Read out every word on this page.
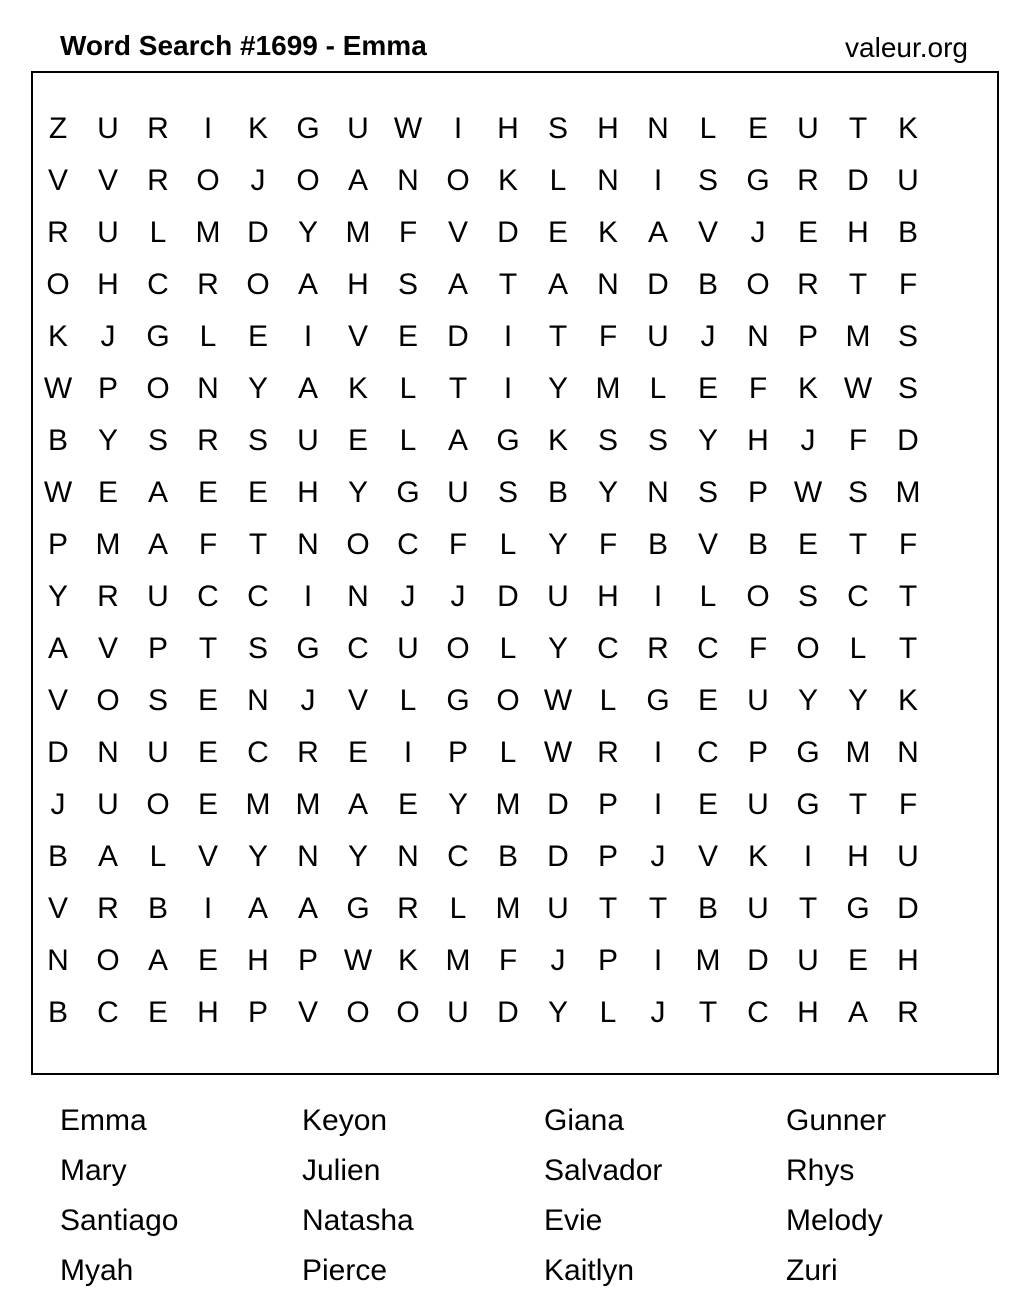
Word Search #1699 - Emma	valeur.org
Z	U R	I	K G U W	I	H S H N	L	E U	T	K
V V R O	J	O A N O K	L	N	I	S G R D U
R U	L M D Y M F	V D E K A V	J	E H B
O H C R O A H S A	T	A N D B O R	T	F
K	J	G L	E	I	V E D	I	T	F	U	J	N P M S
W P O N Y A K	L	T	I	Y M L	E	F	K W S
B Y S R S U E	L	A G K S S Y H	J	F	D
W E A E E H Y G U S B Y N S P W S M
P M A	F	T	N O C	F	L	Y	F	B V B E	T	F
Y R U C C	I	N	J	J	D U H	I	L O S C	T
A V P	T	S G C U O L	Y C R C	F O L	T
V O S E N	J	V	L G O W L G E U Y Y K
D N U E C R E	I	P	L W R	I	C P G M N
J	U O E M M A E Y M D P	I	E U G T	F
B A	L	V Y N Y N C B D P	J	V K	I	H U
V R B	I	A A G R	L M U	T	T	B U	T G D
N O A E H P W K M F	J	P	I	M D U E H
B C E H P V O O U D Y	L	J	T	C H A R
Emma	Keyon	Giana	Gunner
Mary	Julien	Salvador	Rhys
Santiago	Natasha	Evie	Melody
Myah	Pierce	Kaitlyn	Zuri
